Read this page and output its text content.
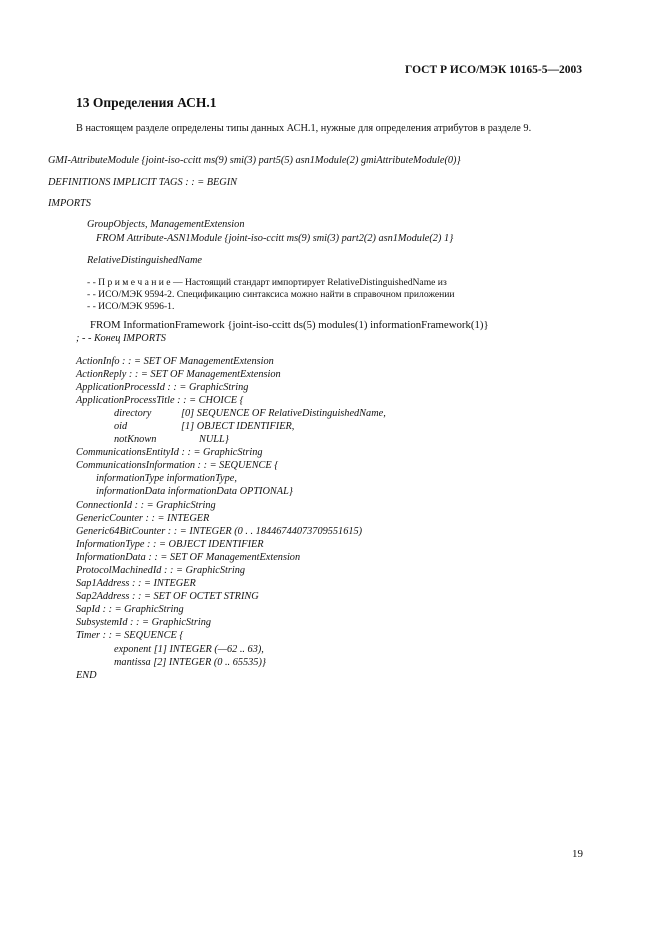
ГОСТ Р ИСО/МЭК 10165-5—2003
13 Определения АСН.1
В настоящем разделе определены типы данных АСН.1, нужные для определения атрибутов в разделе 9.
GMI-AttributeModule {joint-iso-ccitt ms(9) smi(3) part5(5) asn1Module(2) gmiAttributeModule(0)}
DEFINITIONS IMPLICIT TAGS : : = BEGIN
IMPORTS
GroupObjects, ManagementExtension
FROM Attribute-ASN1Module {joint-iso-ccitt ms(9) smi(3) part2(2) asn1Module(2) 1}
RelativeDistinguishedName
- - П р и м е ч а н и е — Настоящий стандарт импортирует RelativeDistinguishedName из
- - ИСО/МЭК 9594-2. Спецификацию синтаксиса можно найти в справочном приложении
- - ИСО/МЭК 9596-1.
FROM InformationFramework {joint-iso-ccitt ds(5) modules(1) informationFramework(1)}
; - - Конец IMPORTS
ActionInfo : : = SET OF ManagementExtension
ActionReply : : = SET OF ManagementExtension
ApplicationProcessId : : = GraphicString
ApplicationProcessTitle : : = CHOICE {
directory	[0] SEQUENCE OF RelativeDistinguishedName,
oid	[1] OBJECT IDENTIFIER,
notKnown	NULL}
CommunicationsEntityId : : = GraphicString
CommunicationsInformation : : = SEQUENCE {
informationType informationType,
informationData informationData OPTIONAL}
ConnectionId : : = GraphicString
GenericCounter : : = INTEGER
Generic64BitCounter : : = INTEGER (0 . . 18446744073709551615)
InformationType : : = OBJECT IDENTIFIER
InformationData : : = SET OF ManagementExtension
ProtocolMachinedId : : = GraphicString
Sap1Address : : = INTEGER
Sap2Address : : = SET OF OCTET STRING
SapId : : = GraphicString
SubsystemId : : = GraphicString
Timer : : = SEQUENCE {
exponent [1] INTEGER (—62 .. 63),
mantissa [2] INTEGER (0 .. 65535)}
END
19
